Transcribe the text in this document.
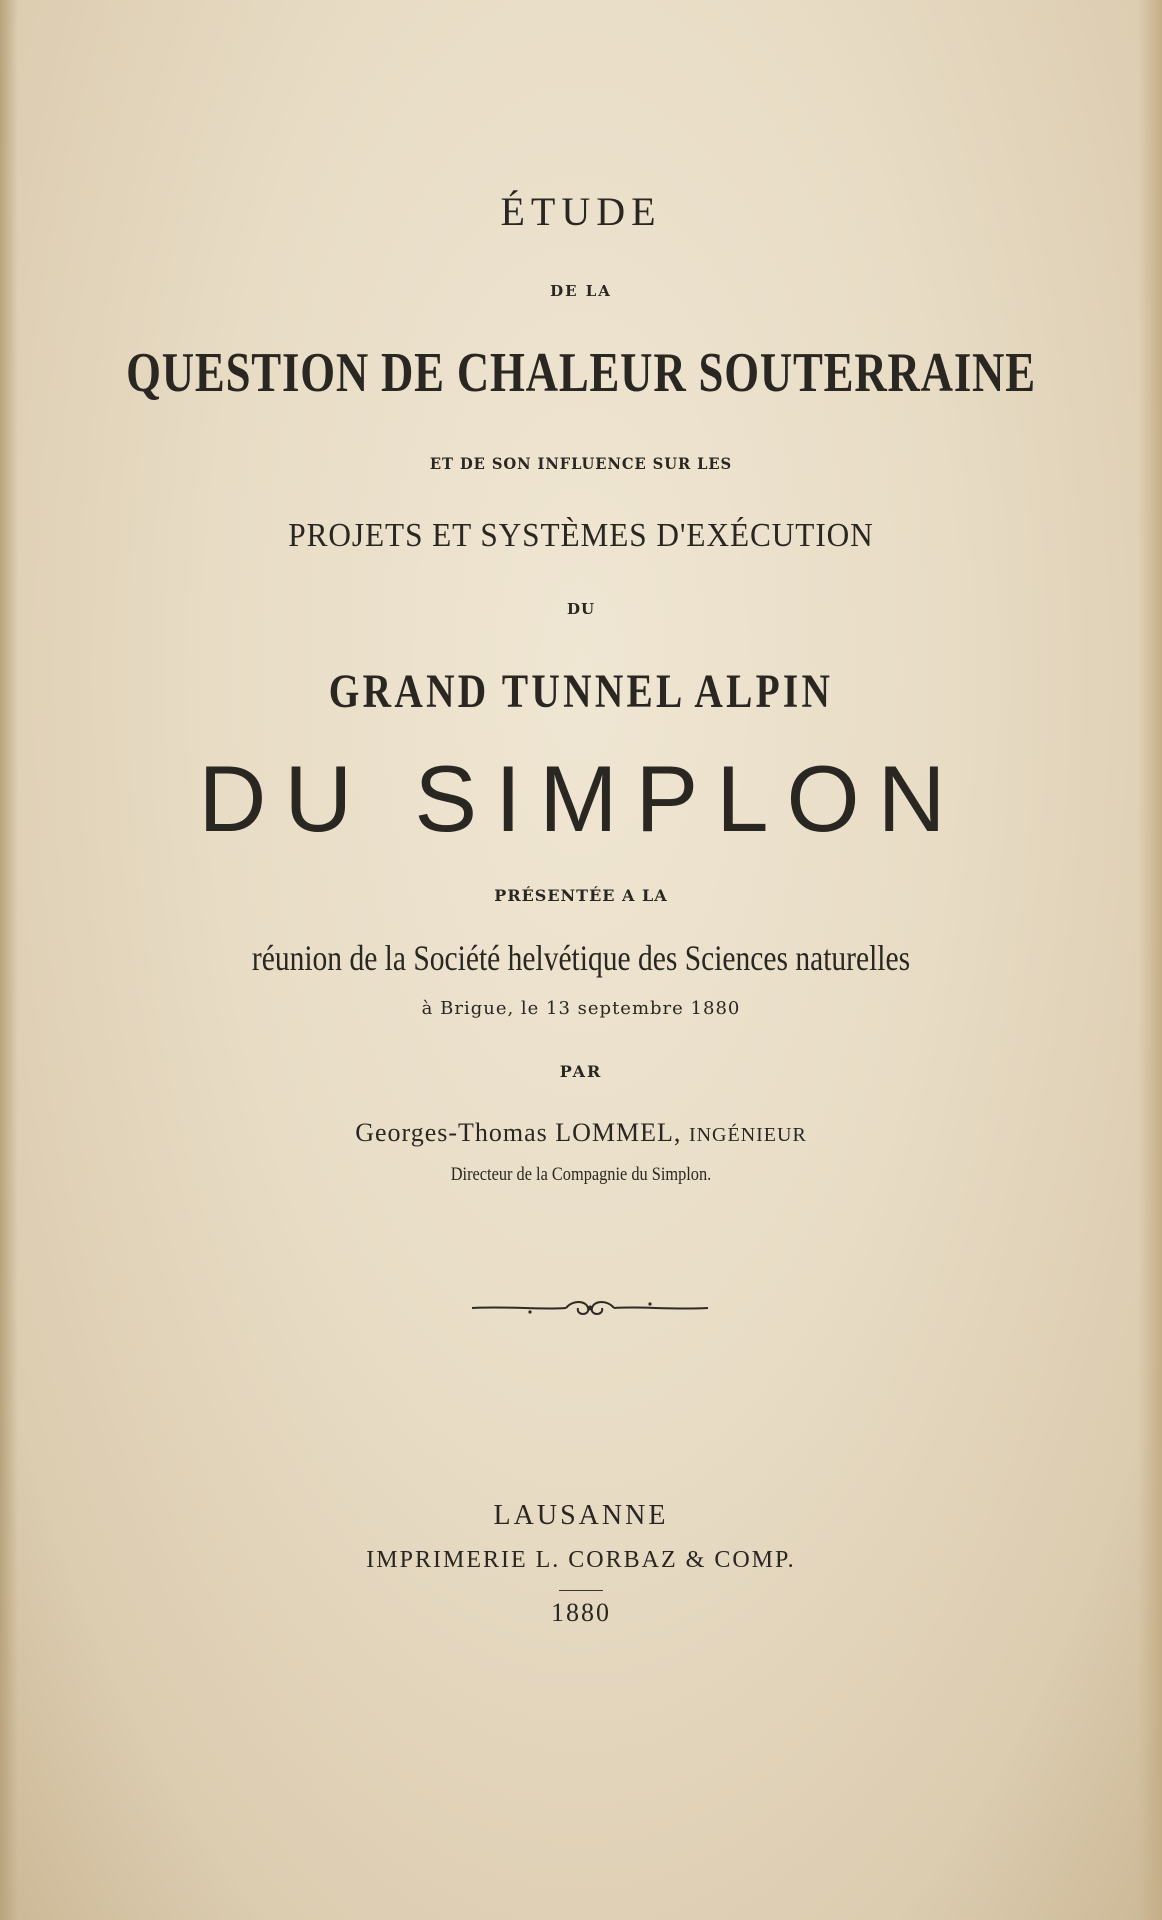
ÉTUDE
DE LA
QUESTION DE CHALEUR SOUTERRAINE
ET DE SON INFLUENCE SUR LES
PROJETS ET SYSTÈMES D'EXÉCUTION
DU
GRAND TUNNEL ALPIN
DU SIMPLON
PRÉSENTÉE A LA
réunion de la Société helvétique des Sciences naturelles
à Brigue, le 13 septembre 1880
PAR
Georges-Thomas LOMMEL, INGÉNIEUR
Directeur de la Compagnie du Simplon.
LAUSANNE
IMPRIMERIE L. CORBAZ & COMP.
1880
